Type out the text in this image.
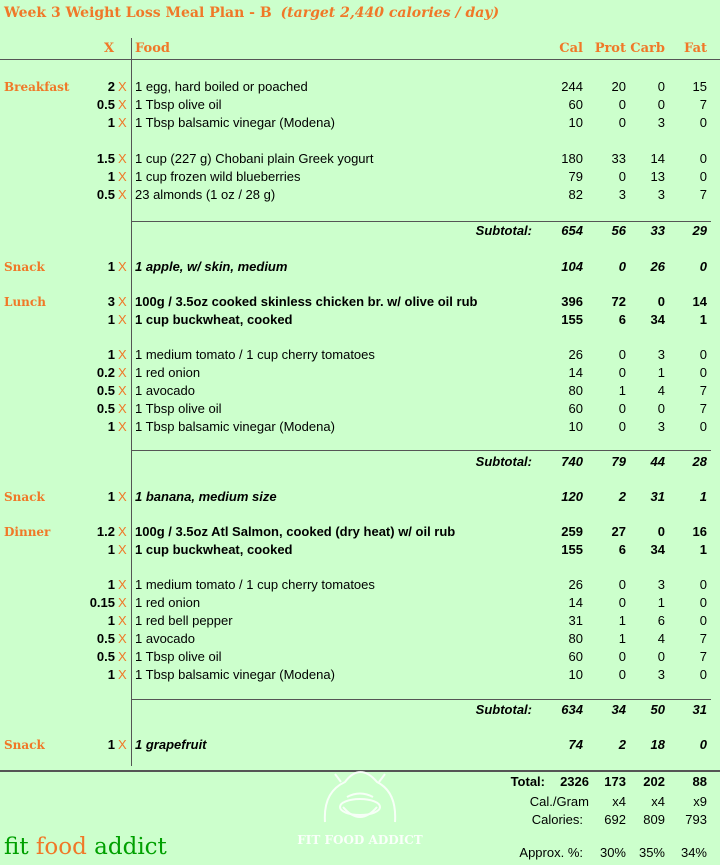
Week 3 Weight Loss Meal Plan - B (target 2,440 calories / day)
X Food	Cal Prot Carb Fat
Breakfast	2 X 1 egg, hard boiled or poached	244 20 0 15
0.5 X 1 Tbsp olive oil	60	0 0	7
1 X 1 Tbsp balsamic vinegar (Modena)	10	0 3	0
1.5 X 1 cup (227 g) Chobani plain Greek yogurt	180 33 14	0
1 X 1 cup frozen wild blueberries	79	0 13	0
0.5 X 23 almonds (1 oz / 28 g)	82	3 3	7
Subtotal: 654 56 33 29
Snack	1 X 1 apple, w/ skin, medium	104	0 26	0
Lunch	3 X 100g / 3.5oz cooked skinless chicken br. w/ olive oil rub	396 72 0 14
1 X 1 cup buckwheat, cooked	155	6 34	1
1 X 1 medium tomato / 1 cup cherry tomatoes	26	0 3	0
0.2 X 1 red onion	14	0 1	0
0.5 X 1 avocado	80	1 4	7
0.5 X 1 Tbsp olive oil	60	0 0	7
1 X 1 Tbsp balsamic vinegar (Modena)	10	0 3	0
Subtotal: 740 79 44 28
Snack	1 X 1 banana, medium size	120	2 31	1
Dinner	1.2 X 100g / 3.5oz Atl Salmon, cooked (dry heat) w/ oil rub	259 27 0 16
1 X 1 cup buckwheat, cooked	155	6 34	1
1 X 1 medium tomato / 1 cup cherry tomatoes	26	0 3	0
0.15 X 1 red onion	14	0 1	0
1 X 1 red bell pepper	31	1 6	0
0.5 X 1 avocado	80	1 4	7
0.5 X 1 Tbsp olive oil	60	0 0	7
1 X 1 Tbsp balsamic vinegar (Modena)	10	0 3	0
Subtotal: 634 34 50 31
Snack	1 X 1 grapefruit	74	2 18	0
Total: 2326 173 202 88
Cal./Gram x4 x4 x9
Calories: 692 809 793
Approx. %: 30% 35% 34%
fit food addict	FIT FOOD ADDICT
